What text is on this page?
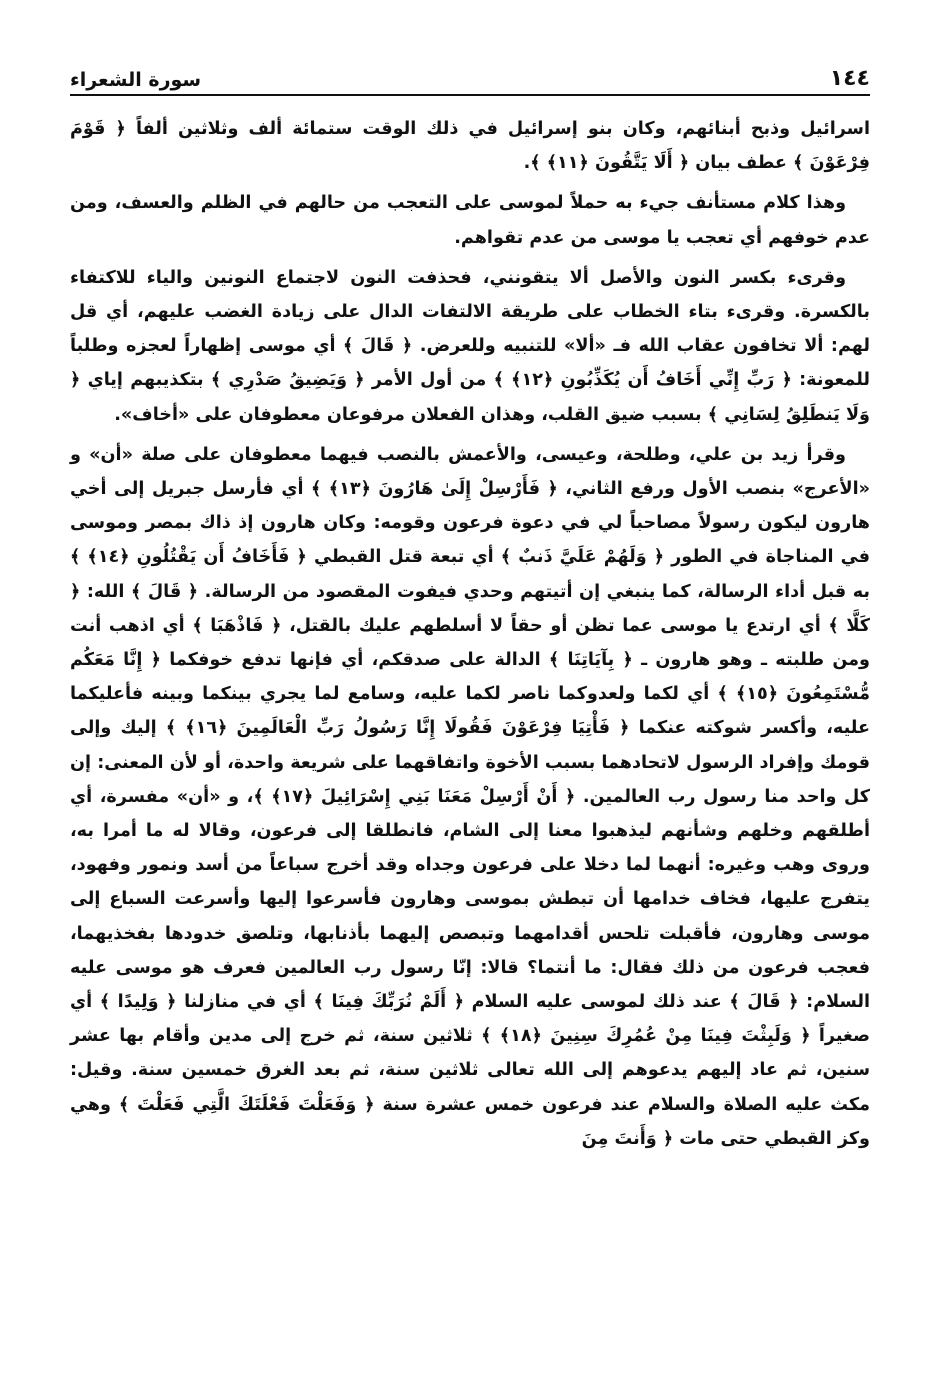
١٤٤
سورة الشعراء

اسرائيل وذبح أبنائهم، وكان بنو إسرائيل في ذلك الوقت ستمائة ألف وثلاثين ألفاً ﴿ قَوْمَ فِرْعَوْنَ ﴾ عطف بيان ﴿ أَلَا يَتَّقُونَ ﴿١١﴾ ﴾.

وهذا كلام مستأنف جيء به حملاً لموسى على التعجب من حالهم في الظلم والعسف، ومن عدم خوفهم أي تعجب يا موسى من عدم تقواهم.

وقرىء بكسر النون والأصل ألا يتقونني، فحذفت النون لاجتماع النونين والياء للاكتفاء بالكسرة. وقرىء بتاء الخطاب على طريقة الالتفات الدال على زيادة الغضب عليهم، أي قل لهم: ألا تخافون عقاب الله فـ «ألا» للتنبيه وللعرض. ﴿ قَالَ ﴾ أي موسى إظهاراً لعجزه وطلباً للمعونة: ﴿ رَبِّ إِنِّي أَخَافُ أَن يُكَذِّبُونِ ﴿١٢﴾ ﴾ من أول الأمر ﴿ وَيَضِيقُ صَدْرِي ﴾ بتكذيبهم إياي ﴿ وَلَا يَنطَلِقُ لِسَانِي ﴾ بسبب ضيق القلب، وهذان الفعلان مرفوعان معطوفان على «أخاف».

وقرأ زيد بن علي، وطلحة، وعيسى، والأعمش بالنصب فيهما معطوفان على صلة «أن» و «الأعرج» بنصب الأول ورفع الثاني، ﴿ فَأَرْسِلْ إِلَىٰ هَارُونَ ﴿١٣﴾ ﴾ أي فأرسل جبريل إلى أخي هارون ليكون رسولاً مصاحباً لي في دعوة فرعون وقومه: وكان هارون إذ ذاك بمصر وموسى في المناجاة في الطور ﴿ وَلَهُمْ عَلَيَّ ذَنبٌ ﴾ أي تبعة قتل القبطي ﴿ فَأَخَافُ أَن يَقْتُلُونِ ﴿١٤﴾ ﴾ به قبل أداء الرسالة، كما ينبغي إن أتيتهم وحدي فيفوت المقصود من الرسالة. ﴿ قَالَ ﴾ الله: ﴿ كَلَّا ﴾ أي ارتدع يا موسى عما تظن أو حقاً لا أسلطهم عليك بالقتل، ﴿ فَاذْهَبَا ﴾ أي اذهب أنت ومن طلبته ـ وهو هارون ـ ﴿ بِآيَاتِنَا ﴾ الدالة على صدقكم، أي فإنها تدفع خوفكما ﴿ إِنَّا مَعَكُم مُّسْتَمِعُونَ ﴿١٥﴾ ﴾ أي لكما ولعدوكما ناصر لكما عليه، وسامع لما يجري بينكما وبينه فأعليكما عليه، وأكسر شوكته عنكما ﴿ فَأْتِيَا فِرْعَوْنَ فَقُولَا إِنَّا رَسُولُ رَبِّ الْعَالَمِينَ ﴿١٦﴾ ﴾ إليك وإلى قومك وإفراد الرسول لاتحادهما بسبب الأخوة واتفاقهما على شريعة واحدة، أو لأن المعنى: إن كل واحد منا رسول رب العالمين. ﴿ أَنْ أَرْسِلْ مَعَنَا بَنِي إِسْرَائِيلَ ﴿١٧﴾ ﴾، و «أن» مفسرة، أي أطلقهم وخلهم وشأنهم ليذهبوا معنا إلى الشام، فانطلقا إلى فرعون، وقالا له ما أمرا به، وروى وهب وغيره: أنهما لما دخلا على فرعون وجداه وقد أخرج سباعاً من أسد ونمور وفهود، يتفرج عليها، فخاف خدامها أن تبطش بموسى وهارون فأسرعوا إليها وأسرعت السباع إلى موسى وهارون، فأقبلت تلحس أقدامهما وتبصص إليهما بأذنابها، وتلصق خدودها بفخذيهما، فعجب فرعون من ذلك فقال: ما أنتما؟ قالا: إنّا رسول رب العالمين فعرف هو موسى عليه السلام: ﴿ قَالَ ﴾ عند ذلك لموسى عليه السلام ﴿ أَلَمْ نُرَبِّكَ فِينَا ﴾ أي في منازلنا ﴿ وَلِيدًا ﴾ أي صغيراً ﴿ وَلَبِثْتَ فِينَا مِنْ عُمُرِكَ سِنِينَ ﴿١٨﴾ ﴾ ثلاثين سنة، ثم خرج إلى مدين وأقام بها عشر سنين، ثم عاد إليهم يدعوهم إلى الله تعالى ثلاثين سنة، ثم بعد الغرق خمسين سنة. وقيل: مكث عليه الصلاة والسلام عند فرعون خمس عشرة سنة ﴿ وَفَعَلْتَ فَعْلَتَكَ الَّتِي فَعَلْتَ ﴾ وهي وكز القبطي حتى مات ﴿ وَأَنتَ مِنَ
